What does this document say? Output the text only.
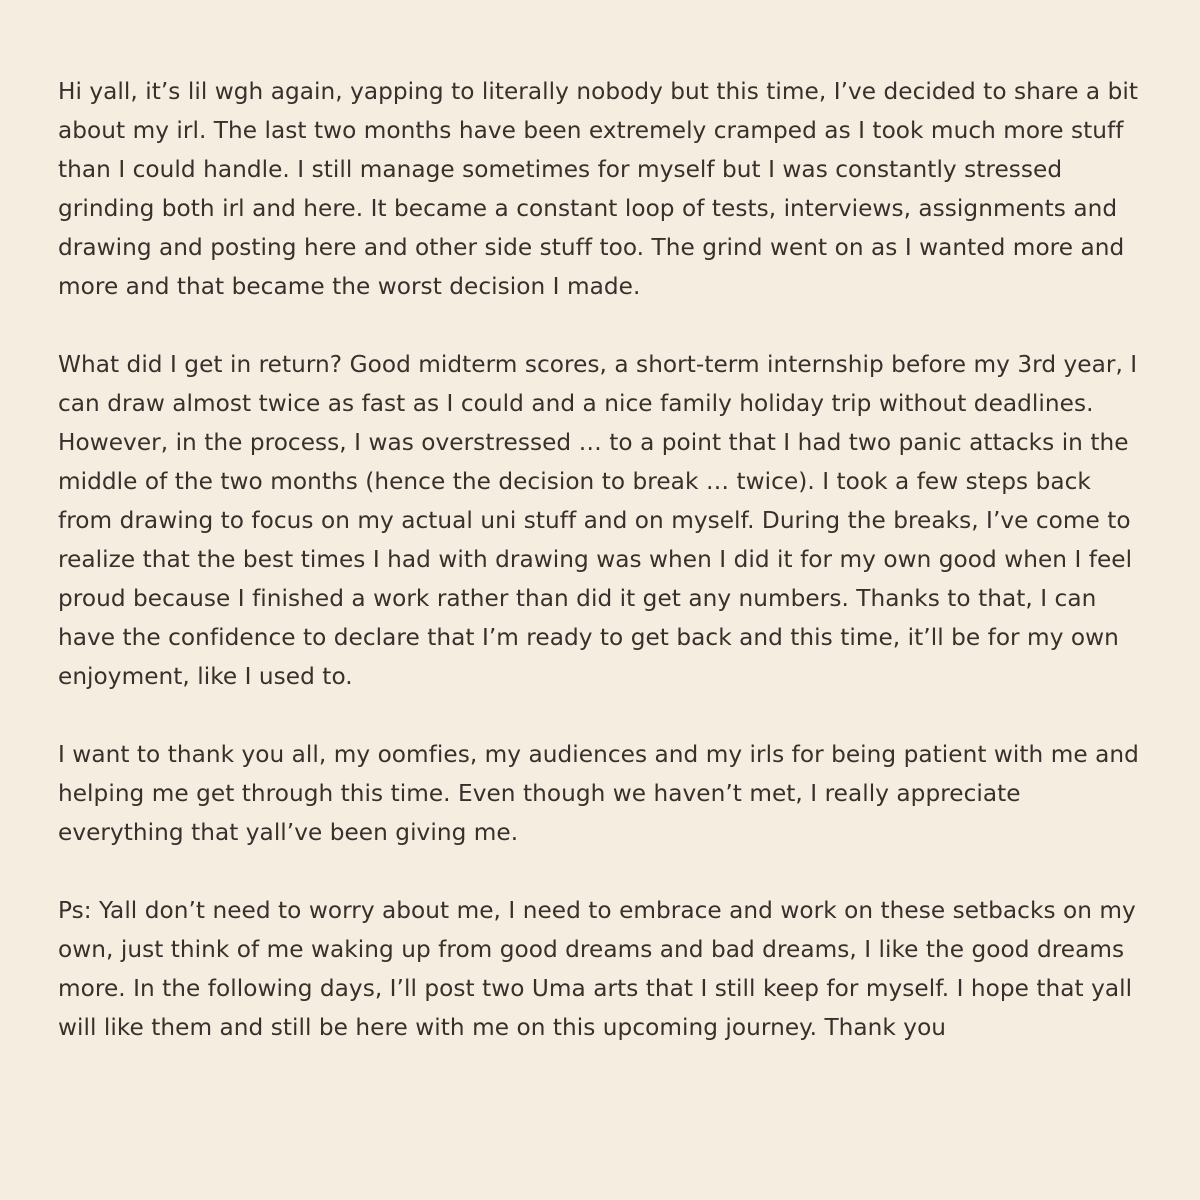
Hi yall, it’s lil wgh again, yapping to literally nobody but this time, I’ve decided to share a bit about my irl. The last two months have been extremely cramped as I took much more stuff than I could handle. I still manage sometimes for myself but I was constantly stressed grinding both irl and here. It became a constant loop of tests, interviews, assignments and drawing and posting here and other side stuff too. The grind went on as I wanted more and more and that became the worst decision I made.

What did I get in return? Good midterm scores, a short-term internship before my 3rd year, I can draw almost twice as fast as I could and a nice family holiday trip without deadlines. However, in the process, I was overstressed … to a point that I had two panic attacks in the middle of the two months (hence the decision to break … twice). I took a few steps back from drawing to focus on my actual uni stuff and on myself. During the breaks, I’ve come to realize that the best times I had with drawing was when I did it for my own good when I feel proud because I finished a work rather than did it get any numbers. Thanks to that, I can have the confidence to declare that I’m ready to get back and this time, it’ll be for my own enjoyment, like I used to.

I want to thank you all, my oomfies, my audiences and my irls for being patient with me and helping me get through this time. Even though we haven’t met, I really appreciate everything that yall’ve been giving me.

Ps: Yall don’t need to worry about me, I need to embrace and work on these setbacks on my own, just think of me waking up from good dreams and bad dreams, I like the good dreams more. In the following days, I’ll post two Uma arts that I still keep for myself. I hope that yall will like them and still be here with me on this upcoming journey. Thank you
